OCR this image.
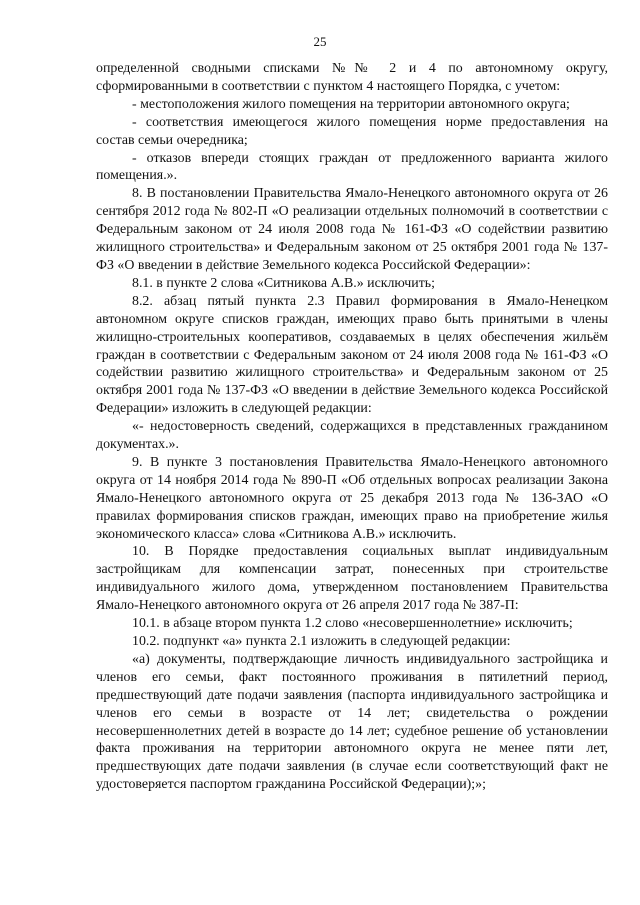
25

определенной сводными списками №№ 2 и 4 по автономному округу, сформированными в соответствии с пунктом 4 настоящего Порядка, с учетом:

- местоположения жилого помещения на территории автономного округа;

- соответствия имеющегося жилого помещения норме предоставления на состав семьи очередника;

- отказов впереди стоящих граждан от предложенного варианта жилого помещения.».

8. В постановлении Правительства Ямало-Ненецкого автономного округа от 26 сентября 2012 года № 802-П «О реализации отдельных полномочий в соответствии с Федеральным законом от 24 июля 2008 года № 161-ФЗ «О содействии развитию жилищного строительства» и Федеральным законом от 25 октября 2001 года № 137-ФЗ «О введении в действие Земельного кодекса Российской Федерации»:

8.1. в пункте 2 слова «Ситникова А.В.» исключить;

8.2. абзац пятый пункта 2.3 Правил формирования в Ямало-Ненецком автономном округе списков граждан, имеющих право быть принятыми в члены жилищно-строительных кооперативов, создаваемых в целях обеспечения жильём граждан в соответствии с Федеральным законом от 24 июля 2008 года № 161-ФЗ «О содействии развитию жилищного строительства» и Федеральным законом от 25 октября 2001 года № 137-ФЗ «О введении в действие Земельного кодекса Российской Федерации» изложить в следующей редакции:

«- недостоверность сведений, содержащихся в представленных гражданином документах.».

9. В пункте 3 постановления Правительства Ямало-Ненецкого автономного округа от 14 ноября 2014 года № 890-П «Об отдельных вопросах реализации Закона Ямало-Ненецкого автономного округа от 25 декабря 2013 года № 136-ЗАО «О правилах формирования списков граждан, имеющих право на приобретение жилья экономического класса» слова «Ситникова А.В.» исключить.

10. В Порядке предоставления социальных выплат индивидуальным застройщикам для компенсации затрат, понесенных при строительстве индивидуального жилого дома, утвержденном постановлением Правительства Ямало-Ненецкого автономного округа от 26 апреля 2017 года № 387-П:

10.1. в абзаце втором пункта 1.2 слово «несовершеннолетние» исключить;

10.2. подпункт «а» пункта 2.1 изложить в следующей редакции:

«а) документы, подтверждающие личность индивидуального застройщика и членов его семьи, факт постоянного проживания в пятилетний период, предшествующий дате подачи заявления (паспорта индивидуального застройщика и членов его семьи в возрасте от 14 лет; свидетельства о рождении несовершеннолетних детей в возрасте до 14 лет; судебное решение об установлении факта проживания на территории автономного округа не менее пяти лет, предшествующих дате подачи заявления (в случае если соответствующий факт не удостоверяется паспортом гражданина Российской Федерации);»;
